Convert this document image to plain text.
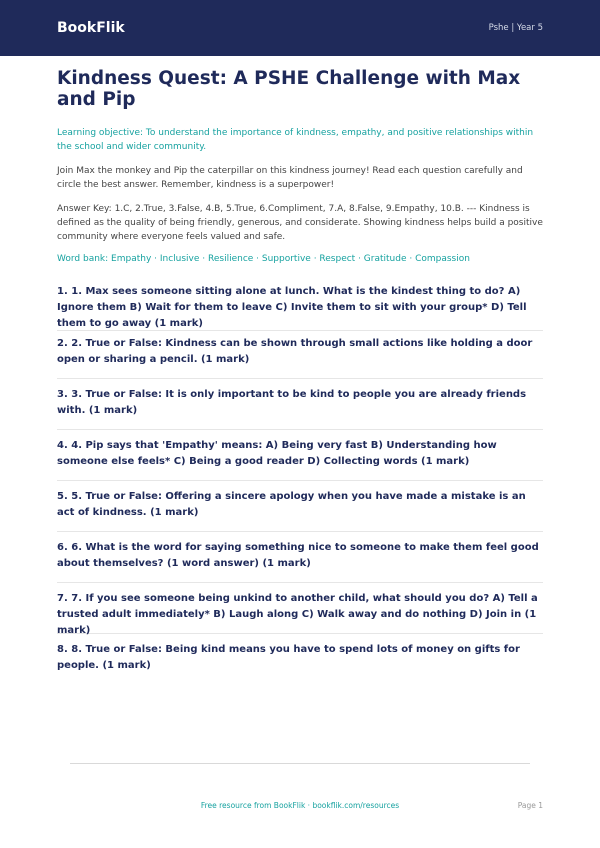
BookFlik	Pshe | Year 5
Kindness Quest: A PSHE Challenge with Max and Pip
Learning objective: To understand the importance of kindness, empathy, and positive relationships within the school and wider community.
Join Max the monkey and Pip the caterpillar on this kindness journey! Read each question carefully and circle the best answer. Remember, kindness is a superpower!
Answer Key: 1.C, 2.True, 3.False, 4.B, 5.True, 6.Compliment, 7.A, 8.False, 9.Empathy, 10.B. --- Kindness is defined as the quality of being friendly, generous, and considerate. Showing kindness helps build a positive community where everyone feels valued and safe.
Word bank: Empathy · Inclusive · Resilience · Supportive · Respect · Gratitude · Compassion
1. 1. Max sees someone sitting alone at lunch. What is the kindest thing to do? A) Ignore them B) Wait for them to leave C) Invite them to sit with your group* D) Tell them to go away (1 mark)
2. 2. True or False: Kindness can be shown through small actions like holding a door open or sharing a pencil. (1 mark)
3. 3. True or False: It is only important to be kind to people you are already friends with. (1 mark)
4. 4. Pip says that 'Empathy' means: A) Being very fast B) Understanding how someone else feels* C) Being a good reader D) Collecting words (1 mark)
5. 5. True or False: Offering a sincere apology when you have made a mistake is an act of kindness. (1 mark)
6. 6. What is the word for saying something nice to someone to make them feel good about themselves? (1 word answer) (1 mark)
7. 7. If you see someone being unkind to another child, what should you do? A) Tell a trusted adult immediately* B) Laugh along C) Walk away and do nothing D) Join in (1 mark)
8. 8. True or False: Being kind means you have to spend lots of money on gifts for people. (1 mark)
Free resource from BookFlik · bookflik.com/resources	Page 1
